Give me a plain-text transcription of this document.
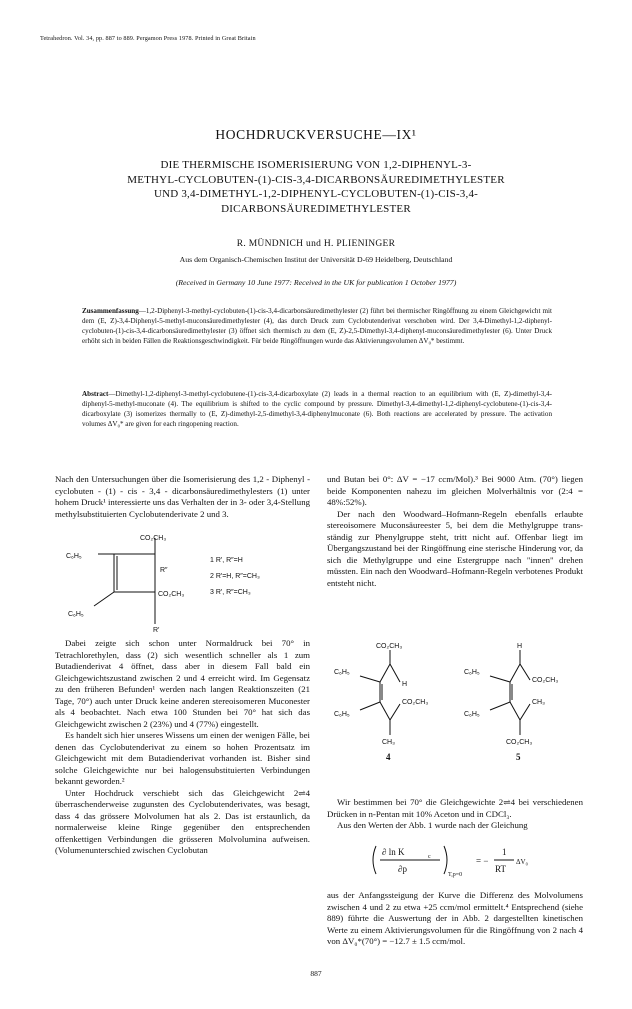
Tetrahedron. Vol. 34, pp. 887 to 889. Pergamon Press 1978. Printed in Great Britain
HOCHDRUCKVERSUCHE—IX¹
DIE THERMISCHE ISOMERISIERUNG VON 1,2-DIPHENYL-3-
METHYL-CYCLOBUTEN-(1)-CIS-3,4-DICARBONSÄUREDIMETHYLESTER
UND 3,4-DIMETHYL-1,2-DIPHENYL-CYCLOBUTEN-(1)-CIS-3,4-
DICARBONSÄUREDIMETHYLESTER
R. MÜNDNICH und H. PLIENINGER
Aus dem Organisch-Chemischen Institut der Universität D-69 Heidelberg, Deutschland
(Received in Germany 10 June 1977: Received in the UK for publication 1 October 1977)
Zusammenfassung—1,2-Diphenyl-3-methyl-cyclobuten-(1)-cis-3,4-dicarbonsäuredimethylester (2) führt bei thermischer Ringöffnung zu einem Gleichgewicht mit dem (E, Z)-3,4-Diphenyl-5-methyl-muconsäuredimethylester (4), das durch Druck zum Cyclobutenderivat verschoben wird. Der 3,4-Dimethyl-1,2-diphenyl-cyclobuten-(1)-cis-3,4-dicarbonsäuredimethylester (3) öffnet sich thermisch zu dem (E, Z)-2,5-Dimethyl-3,4-diphenyl-muconsäuredimethylester (6). Unter Druck erhöht sich in beiden Fällen die Reaktionsgeschwindigkeit. Für beide Ringöffnungen wurde das Aktivierungsvolumen ΔV₀* bestimmt.
Abstract—Dimethyl-1,2-diphenyl-3-methyl-cyclobutene-(1)-cis-3,4-dicarboxylate (2) leads in a thermal reaction to an equilibrium with (E, Z)-dimethyl-3,4-diphenyl-5-methyl-muconate (4). The equilibrium is shifted to the cyclic compound by pressure. Dimethyl-3,4-dimethyl-1,2-diphenyl-cyclobutene-(1)-cis-3,4-dicarboxylate (3) isomerizes thermally to (E, Z)-dimethyl-2,5-dimethyl-3,4-diphenylmuconate (6). Both reactions are accelerated by pressure. The activation volumes ΔV₀* are given for each ringopening reaction.

Nach den Untersuchungen über die Isomerisierung des 1,2 - Diphenyl - cyclobuten - (1) - cis - 3,4 - dicarbonsäuredimethylesters (1) unter hohem Druck¹ interessierte uns das Verhalten der in 3- oder 3,4-Stellung methylsubstituierten Cyclobutenderivate 2 und 3.

CO₂CH₃
C₆H₅
R″
CO₂CH₃
C₆H₅
R′
1 R′, R″=H
2 R′=H, R″=CH₃
3 R′, R″=CH₃

Dabei zeigte sich schon unter Normaldruck bei 70° in Tetrachlorethylen, dass (2) sich wesentlich schneller als 1 zum Butadienderivat 4 öffnet, dass aber in diesem Fall bald ein Gleichgewichtszustand zwischen 2 und 4 erreicht wird. Im Gegensatz zu den früheren Befunden¹ werden nach langen Reaktionszeiten (21 Tage, 70°) auch unter Druck keine anderen stereoisomeren Muconester als 4 beobachtet. Nach etwa 100 Stunden bei 70° hat sich das Gleichgewicht zwischen 2 (23%) und 4 (77%) eingestellt.

Es handelt sich hier unseres Wissens um einen der wenigen Fälle, bei denen das Cyclobutenderivat zu einem so hohen Prozentsatz im Gleichgewicht mit dem Butadienderivat vorhanden ist. Bisher sind solche Gleichgewichte nur bei halogensubstituierten Verbindungen bekannt geworden.²

Unter Hochdruck verschiebt sich das Gleichgewicht 2⇌4 überraschenderweise zugunsten des Cyclobutenderivates, was besagt, dass 4 das grössere Molvolumen hat als 2. Das ist erstaunlich, da normalerweise kleine Ringe gegenüber den entsprechenden offenkettigen Verbindungen die grösseren Molvolumina aufweisen. (Volumenunterschied zwischen Cyclobutan

und Butan bei 0°: ΔV = −17 ccm/Mol).³ Bei 9000 Atm. (70°) liegen beide Komponenten nahezu im gleichen Molverhältnis vor (2:4 = 48%:52%).

Der nach den Woodward–Hofmann-Regeln ebenfalls erlaubte stereoisomere Muconsäureester 5, bei dem die Methylgruppe trans-ständig zur Phenylgruppe steht, tritt nicht auf. Offenbar liegt im Übergangszustand bei der Ringöffnung eine sterische Hinderung vor, da sich die Methylgruppe und eine Estergruppe nach "innen" drehen müssten. Ein nach den Woodward–Hofmann-Regeln verbotenes Produkt entsteht nicht.

CO₂CH₃
C₆H₅
H
CO₂CH₃
C₆H₅
CH₃
4
H
C₆H₅
CO₂CH₃
CH₃
C₆H₅
CO₂CH₃
5

Wir bestimmen bei 70° die Gleichgewichte 2⇌4 bei verschiedenen Drücken in n-Pentan mit 10% Aceton und in CDCl₃.

Aus den Werten der Abb. 1 wurde nach der Gleichung

∂ ln K	c
∂p
T,p=0
= −
1
RT
ΔV₀

aus der Anfangssteigung der Kurve die Differenz des Molvolumens zwischen 4 und 2 zu etwa +25 ccm/mol ermittelt.⁴ Entsprechend (siehe 889) führte die Auswertung der in Abb. 2 dargestellten kinetischen Werte zu einem Aktivierungsvolumen für die Ringöffnung von 2 nach 4 von ΔV₀*(70°) = −12.7 ± 1.5 ccm/mol.

887
